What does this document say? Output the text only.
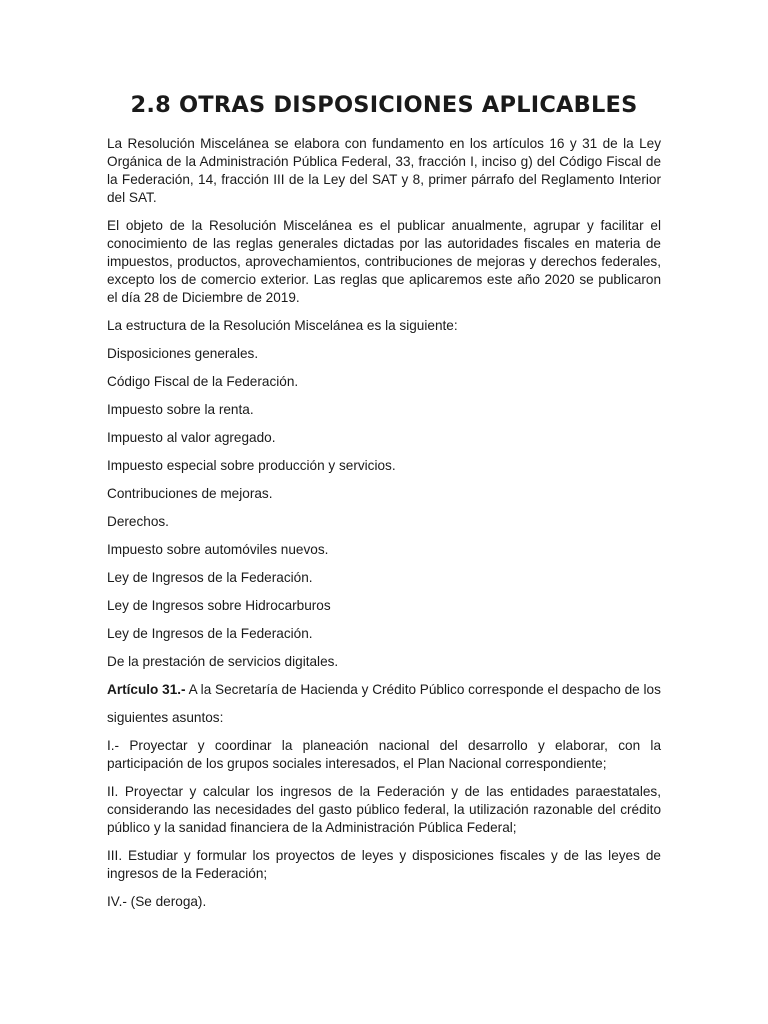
2.8 OTRAS DISPOSICIONES APLICABLES

La Resolución Miscelánea se elabora con fundamento en los artículos 16 y 31 de la Ley Orgánica de la Administración Pública Federal, 33, fracción I, inciso g) del Código Fiscal de la Federación, 14, fracción III de la Ley del SAT y 8, primer párrafo del Reglamento Interior del SAT.

El objeto de la Resolución Miscelánea es el publicar anualmente, agrupar y facilitar el conocimiento de las reglas generales dictadas por las autoridades fiscales en materia de impuestos, productos, aprovechamientos, contribuciones de mejoras y derechos federales, excepto los de comercio exterior. Las reglas que aplicaremos este año 2020 se publicaron el día 28 de Diciembre de 2019.

La estructura de la Resolución Miscelánea es la siguiente:

Disposiciones generales.

Código Fiscal de la Federación.

Impuesto sobre la renta.

Impuesto al valor agregado.

Impuesto especial sobre producción y servicios.

Contribuciones de mejoras.

Derechos.

Impuesto sobre automóviles nuevos.

Ley de Ingresos de la Federación.

Ley de Ingresos sobre Hidrocarburos

Ley de Ingresos de la Federación.

De la prestación de servicios digitales.

Artículo 31.- A la Secretaría de Hacienda y Crédito Público corresponde el despacho de los

siguientes asuntos:

I.- Proyectar y coordinar la planeación nacional del desarrollo y elaborar, con la participación de los grupos sociales interesados, el Plan Nacional correspondiente;

II. Proyectar y calcular los ingresos de la Federación y de las entidades paraestatales, considerando las necesidades del gasto público federal, la utilización razonable del crédito público y la sanidad financiera de la Administración Pública Federal;

III. Estudiar y formular los proyectos de leyes y disposiciones fiscales y de las leyes de ingresos de la Federación;

IV.- (Se deroga).
